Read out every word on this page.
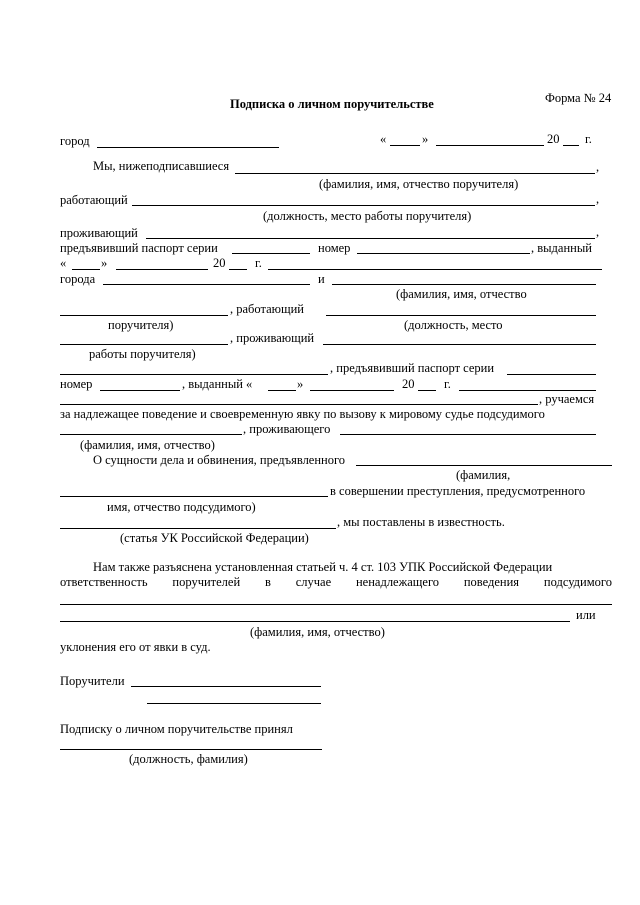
Форма № 24
Подписка о личном поручительстве
город	«	»	20 г.
Мы, нижеподписавшиеся	,
(фамилия, имя, отчество поручителя)
работающий	,
(должность, место работы поручителя)
проживающий	,
предъявивший паспорт серии	номер	, выданный
«	»	20 г.
города	и
(фамилия, имя, отчество
, работающий
поручителя)	(должность, место
, проживающий
работы поручителя)
, предъявивший паспорт серии
номер	, выданный «	»	20 г.
, ручаемся
за надлежащее поведение и своевременную явку по вызову к мировому судье подсудимого
, проживающего
(фамилия, имя, отчество)
О сущности дела и обвинения, предъявленного
(фамилия,
в совершении преступления, предусмотренного
имя, отчество подсудимого)
, мы поставлены в известность.
(статья УК Российской Федерации)
Нам также разъяснена установленная статьей ч. 4 ст. 103 УПК Российской Федерации
ответственность поручителей в случае ненадлежащего поведения подсудимого
или
(фамилия, имя, отчество)
уклонения его от явки в суд.
Поручители
Подписку о личном поручительстве принял
(должность, фамилия)
